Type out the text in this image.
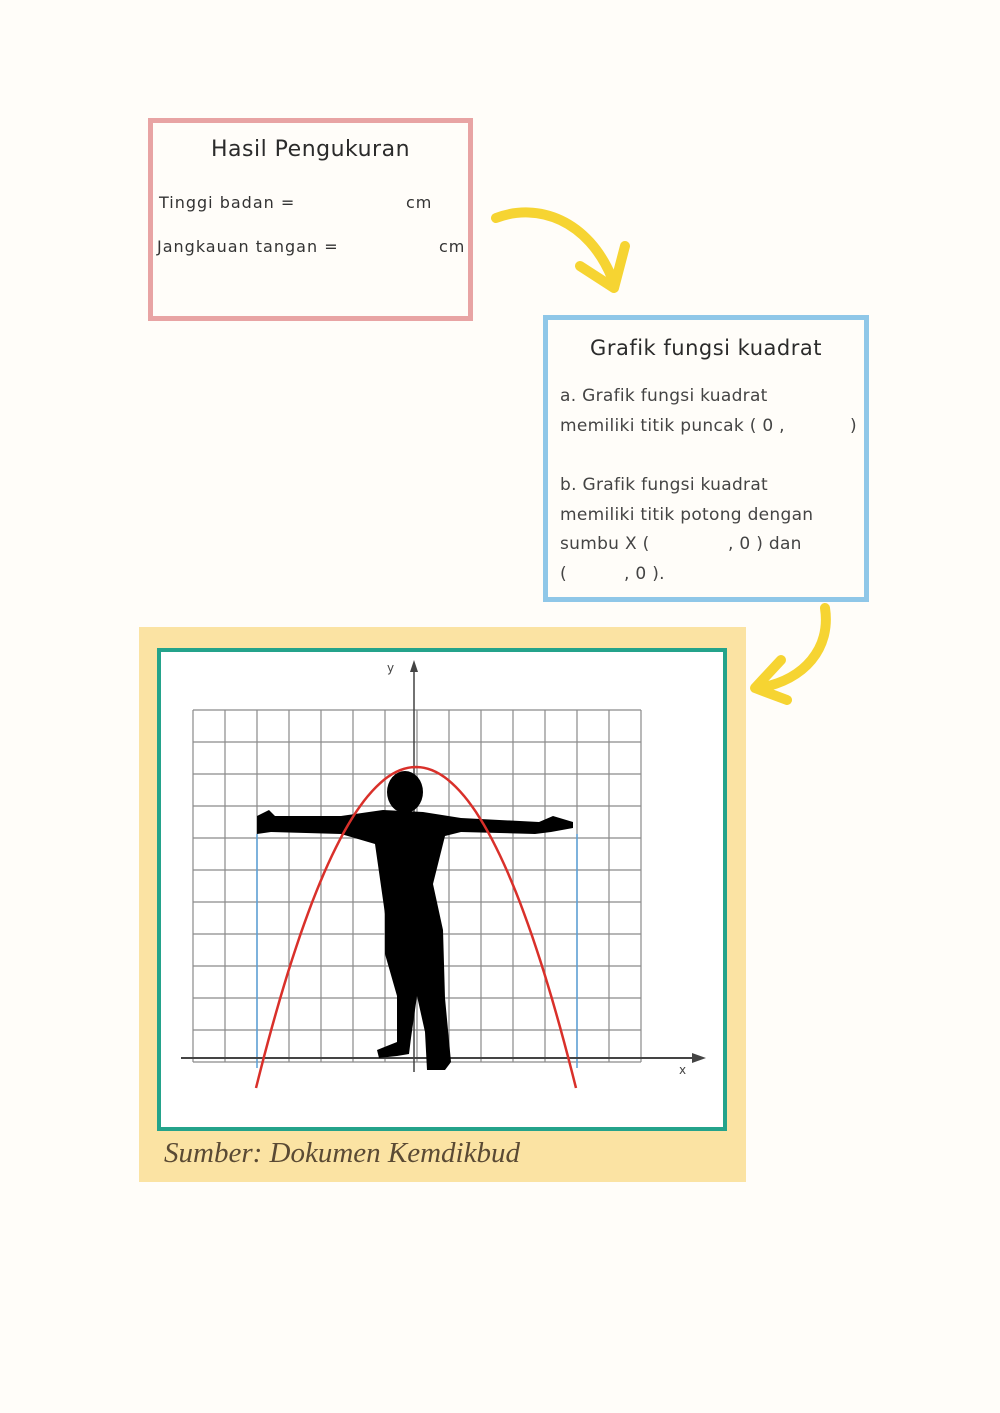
Hasil Pengukuran
Tinggi badan =	cm
Jangkauan tangan =	cm
Grafik fungsi kuadrat
a. Grafik fungsi kuadrat
memiliki titik puncak ( 0 ,	)
b. Grafik fungsi kuadrat
memiliki titik potong dengan
sumbu X (	, 0 ) dan
(	, 0 ).
y
x
Sumber: Dokumen Kemdikbud
